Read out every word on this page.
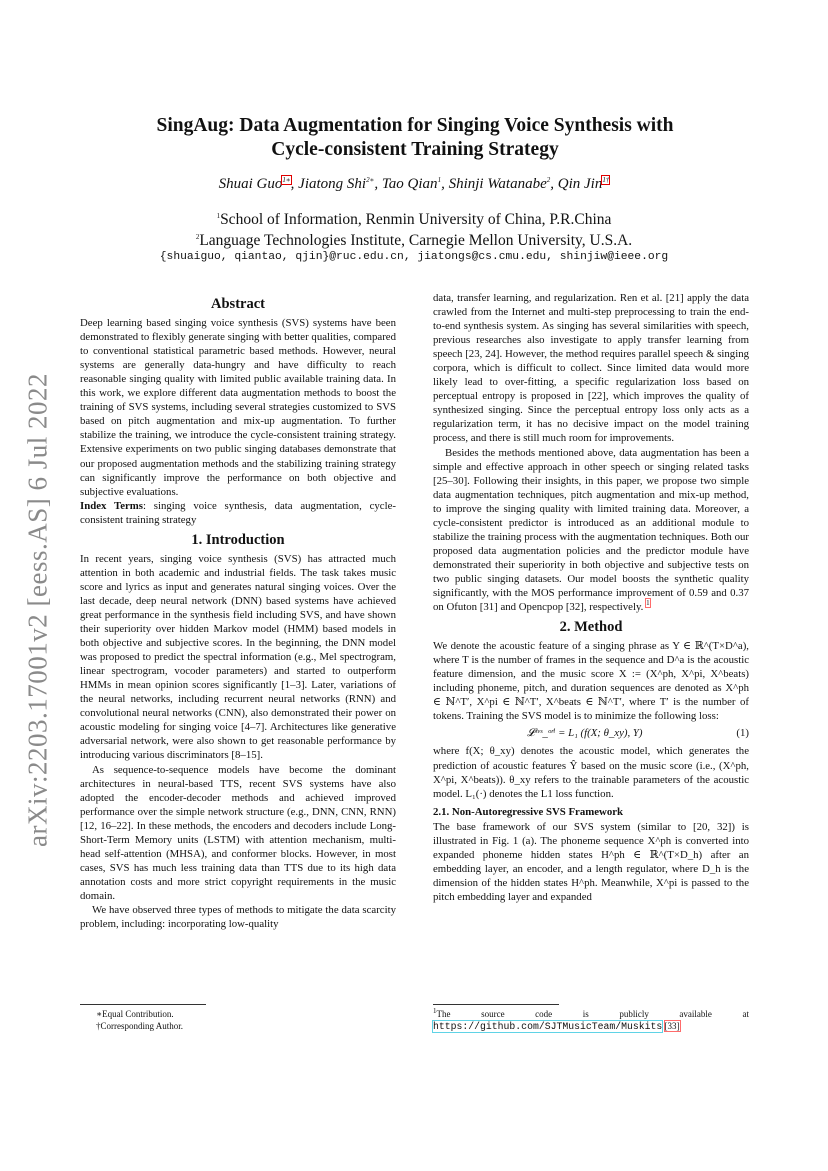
arXiv:2203.17001v2 [eess.AS] 6 Jul 2022
SingAug: Data Augmentation for Singing Voice Synthesis with
Cycle-consistent Training Strategy
Shuai Guo$^{1∗}$, Jiatong Shi$^{2∗}$, Tao Qian$^1$, Shinji Watanabe$^2$, Qin Jin$^{1\dagger}$
$^1$School of Information, Renmin University of China, P.R.China
$^2$Language Technologies Institute, Carnegie Mellon University, U.S.A.
{shuaiguo, qiantao, qjin}@ruc.edu.cn, jiatongs@cs.cmu.edu, shinjiw@ieee.org
Abstract

Deep learning based singing voice synthesis (SVS) systems have been demonstrated to flexibly generate singing with better qualities, compared to conventional statistical parametric based methods. However, neural systems are generally data-hungry and have difficulty to reach reasonable singing quality with limited public available training data. In this work, we explore different data augmentation methods to boost the training of SVS systems, including several strategies customized to SVS based on pitch augmentation and mix-up augmentation. To further stabilize the training, we introduce the cycle-consistent training strategy. Extensive experiments on two public singing databases demonstrate that our proposed augmentation methods and the stabilizing training strategy can significantly improve the performance on both objective and subjective evaluations.

Index Terms: singing voice synthesis, data augmentation, cycle-consistent training strategy

1. Introduction

In recent years, singing voice synthesis (SVS) has attracted much attention in both academic and industrial fields. The task takes music score and lyrics as input and generates natural singing voices. Over the last decade, deep neural network (DNN) based systems have achieved great performance in the synthesis field including SVS, and have shown their superiority over hidden Markov model (HMM) based models in both objective and subjective scores. In the beginning, the DNN model was proposed to predict the spectral information (e.g., Mel spectrogram, linear spectrogram, vocoder parameters) and started to outperform HMMs in mean opinion scores significantly [1–3]. Later, variations of the neural networks, including recurrent neural networks (RNN) and convolutional neural networks (CNN), also demonstrated their power on acoustic modeling for singing voice [4–7]. Architectures like generative adversarial network, were also shown to get reasonable performance by introducing various discriminators [8–15].

As sequence-to-sequence models have become the dominant architectures in neural-based TTS, recent SVS systems have also adopted the encoder-decoder methods and achieved improved performance over the simple network structure (e.g., DNN, CNN, RNN) [12, 16–22]. In these methods, the encoders and decoders include Long-Short-Term Memory units (LSTM) with attention mechanism, multi-head self-attention (MHSA), and conformer blocks. However, in most cases, SVS has much less training data than TTS due to its high data annotation costs and more strict copyright requirements in the music domain.

We have observed three types of methods to mitigate the data scarcity problem, including: incorporating low-quality

data, transfer learning, and regularization. Ren et al. [21] apply the data crawled from the Internet and multi-step preprocessing to train the end-to-end synthesis system. As singing has several similarities with speech, previous researches also investigate to apply transfer learning from speech [23, 24]. However, the method requires parallel speech & singing corpora, which is difficult to collect. Since limited data would more likely lead to over-fitting, a specific regularization loss based on perceptual entropy is proposed in [22], which improves the quality of synthesized singing. Since the perceptual entropy loss only acts as a regularization term, it has no decisive impact on the model training process, and there is still much room for improvements.

Besides the methods mentioned above, data augmentation has been a simple and effective approach in other speech or singing related tasks [25–30]. Following their insights, in this paper, we propose two simple data augmentation techniques, pitch augmentation and mix-up method, to improve the singing quality with limited training data. Moreover, a cycle-consistent predictor is introduced as an additional module to stabilize the training process with the augmentation techniques. Both our proposed data augmentation policies and the predictor module have demonstrated their superiority in both objective and subjective tests on two public singing datasets. Our model boosts the synthetic quality significantly, with the MOS performance improvement of 0.59 and 0.37 on Ofuton [31] and Opencpop [32], respectively. $^1$

2. Method

We denote the acoustic feature of a singing phrase as Y ∈ ℝ^(T×D^a), where T is the number of frames in the sequence and D^a is the acoustic feature dimension, and the music score X := (X^ph, X^pi, X^beats) including phoneme, pitch, and duration sequences are denoted as X^ph ∈ ℕ^T′, X^pi ∈ ℕ^T′, X^beats ∈ ℕ^T′, where T′ is the number of tokens. Training the SVS model is to minimize the following loss:

𝓛ˢᵛˢ_ᵒʳⁱ = L₁ (f(X; θ_xy), Y)	(1)

where f(X; θ_xy) denotes the acoustic model, which generates the prediction of acoustic features Ŷ based on the music score (i.e., (X^ph, X^pi, X^beats)). θ_xy refers to the trainable parameters of the acoustic model. L₁(·) denotes the L1 loss function.

2.1. Non-Autoregressive SVS Framework

The base framework of our SVS system (similar to [20, 32]) is illustrated in Fig. 1 (a). The phoneme sequence X^ph is converted into expanded phoneme hidden states H^ph ∈ ℝ^(T×D_h) after an embedding layer, an encoder, and a length regulator, where D_h is the dimension of the hidden states H^ph. Meanwhile, X^pi is passed to the pitch embedding layer and expanded

∗Equal Contribution.
†Corresponding Author.
$^1$The source code is publicly available at https://github.com/SJTMusicTeam/Muskits [33]
